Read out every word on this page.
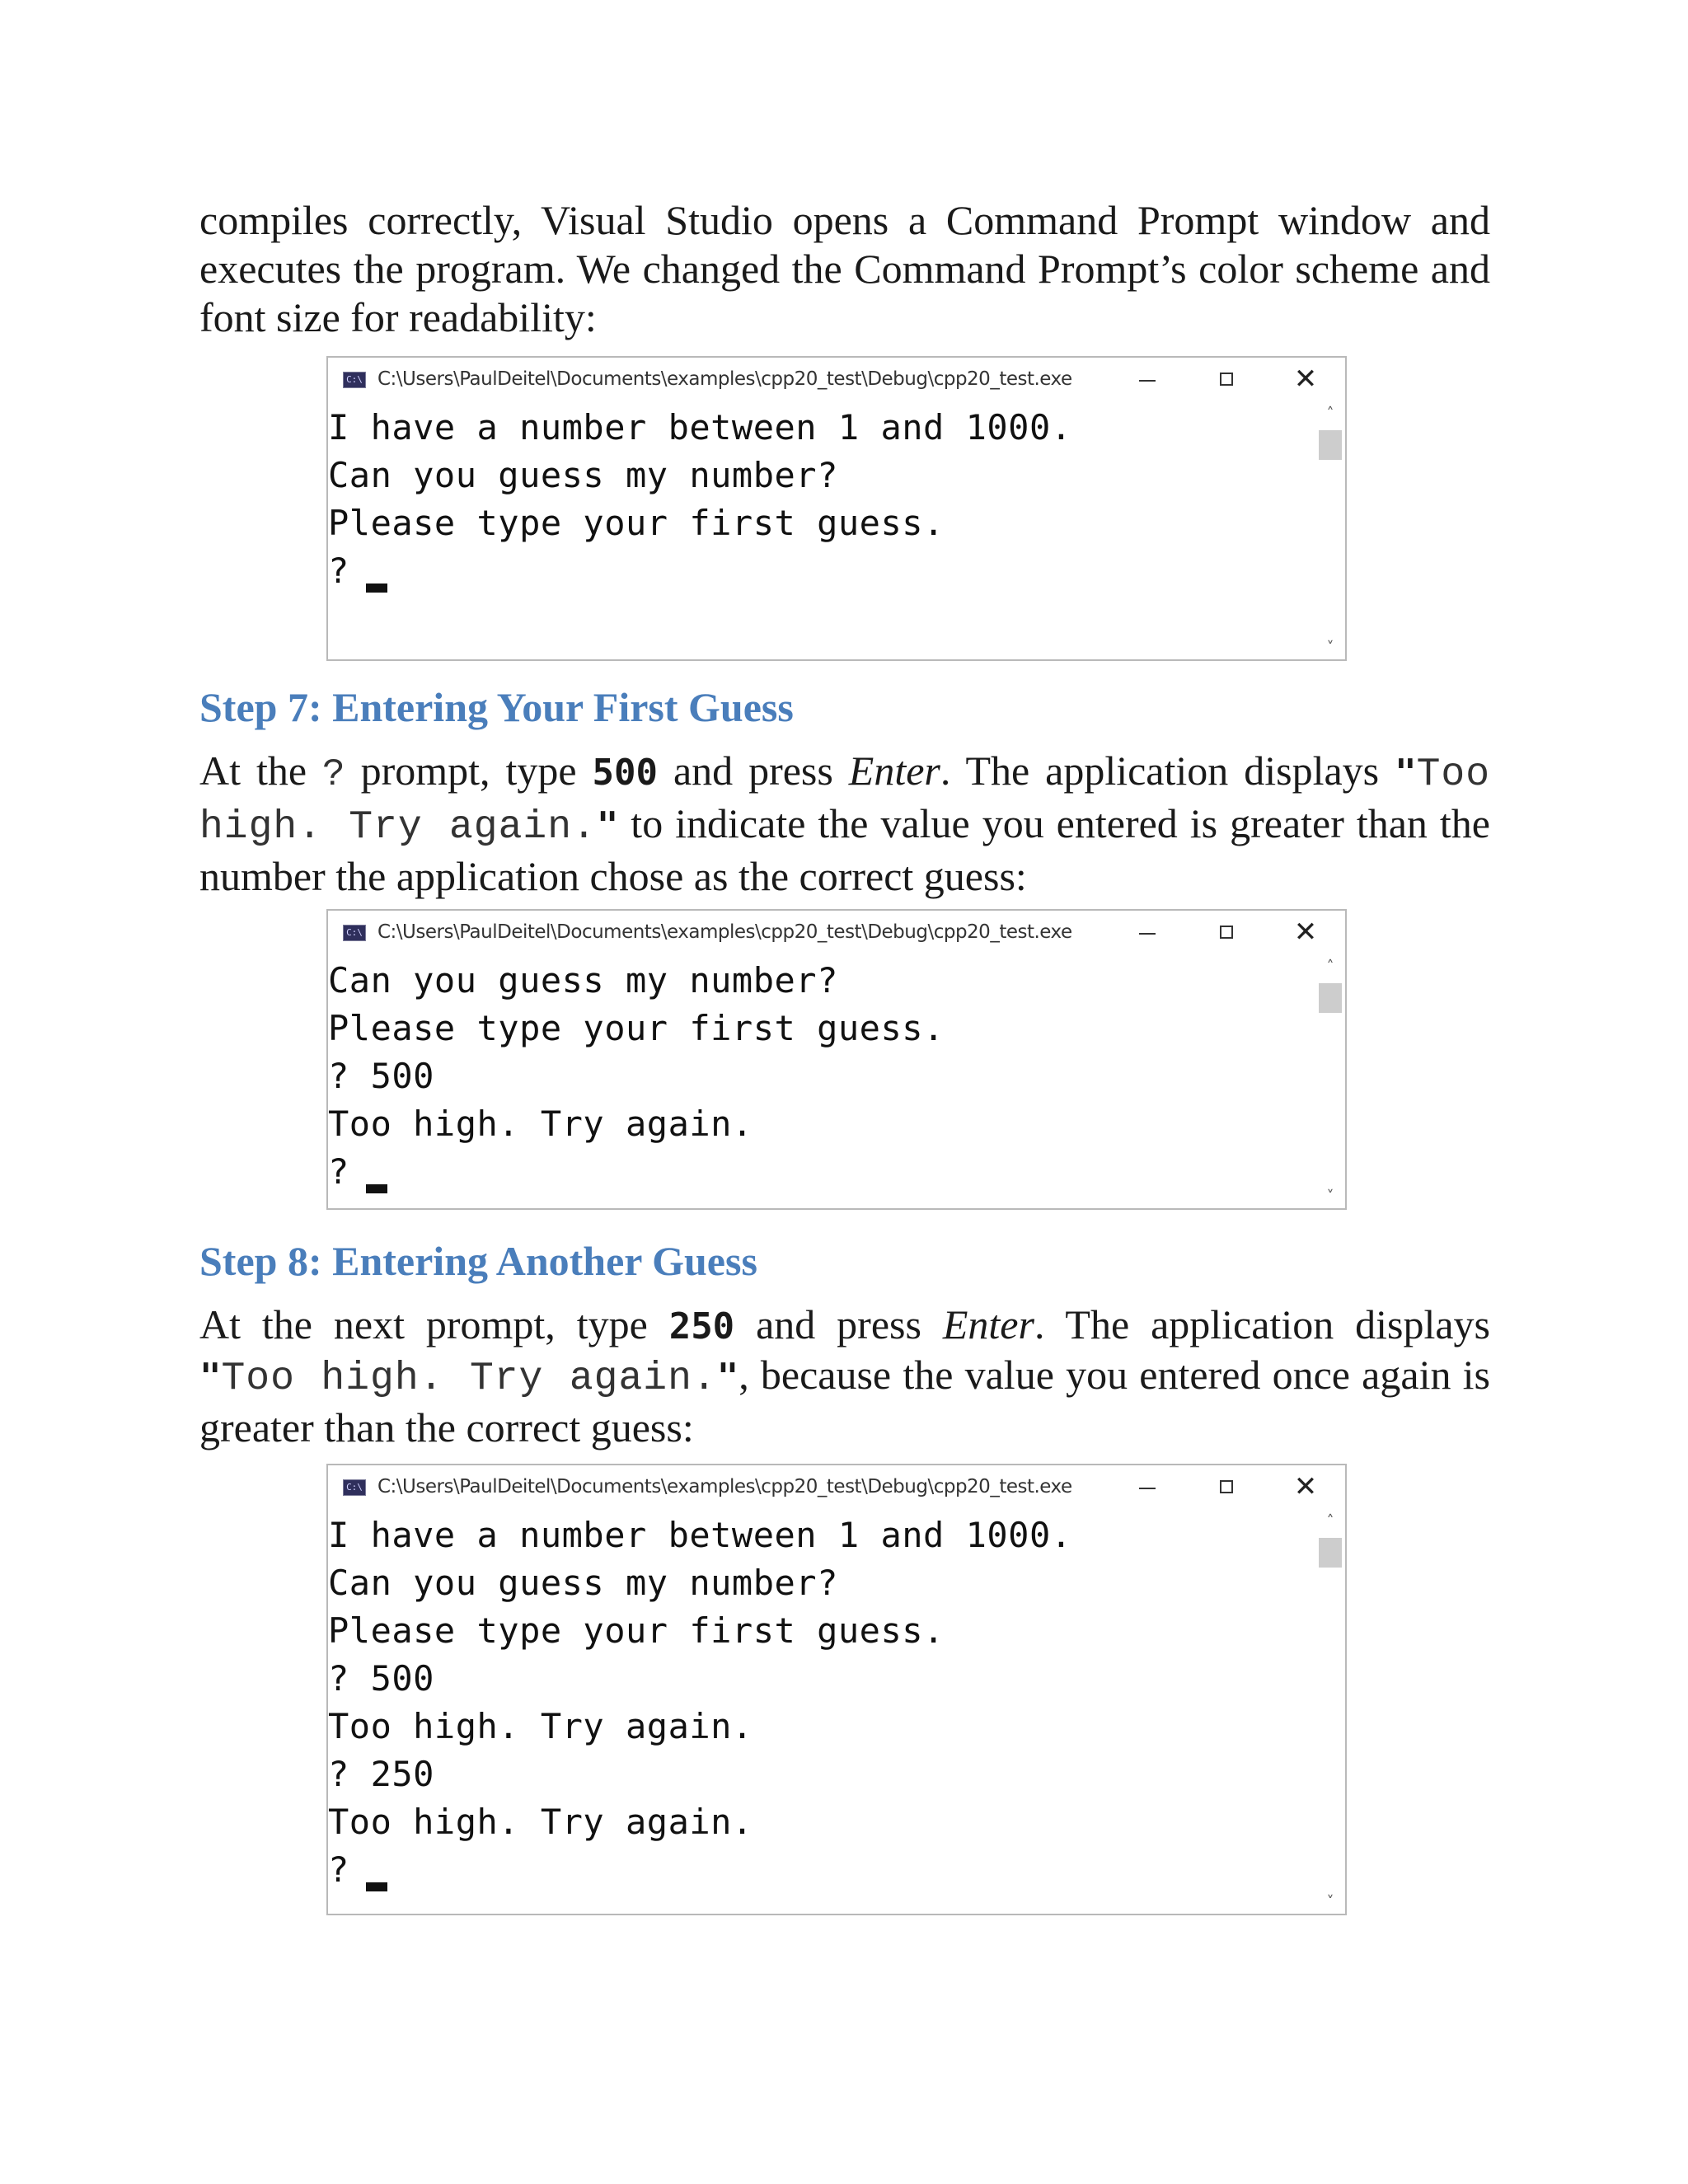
compiles correctly, Visual Studio opens a Command Prompt window and
executes the program. We changed the Command Prompt’s color scheme and
font size for readability:
C:\ C:\Users\PaulDeitel\Documents\examples\cpp20_test\Debug\cpp20_test.exe	✕
I have a number between 1 and 1000.
Can you guess my number?
Please type your first guess.
?
˄
˅
Step 7: Entering Your First Guess
At the ? prompt, type 500 and press Enter. The application displays "Too
high. Try again." to indicate the value you entered is greater than the
number the application chose as the correct guess:
C:\ C:\Users\PaulDeitel\Documents\examples\cpp20_test\Debug\cpp20_test.exe	✕
Can you guess my number?
Please type your first guess.
? 500
Too high. Try again.
?
˄
˅
Step 8: Entering Another Guess
At the next prompt, type 250 and press Enter. The application displays
"Too high. Try again.", because the value you entered once again is
greater than the correct guess:
C:\ C:\Users\PaulDeitel\Documents\examples\cpp20_test\Debug\cpp20_test.exe	✕
I have a number between 1 and 1000.
Can you guess my number?
Please type your first guess.
? 500
Too high. Try again.
? 250
Too high. Try again.
?
˄
˅
